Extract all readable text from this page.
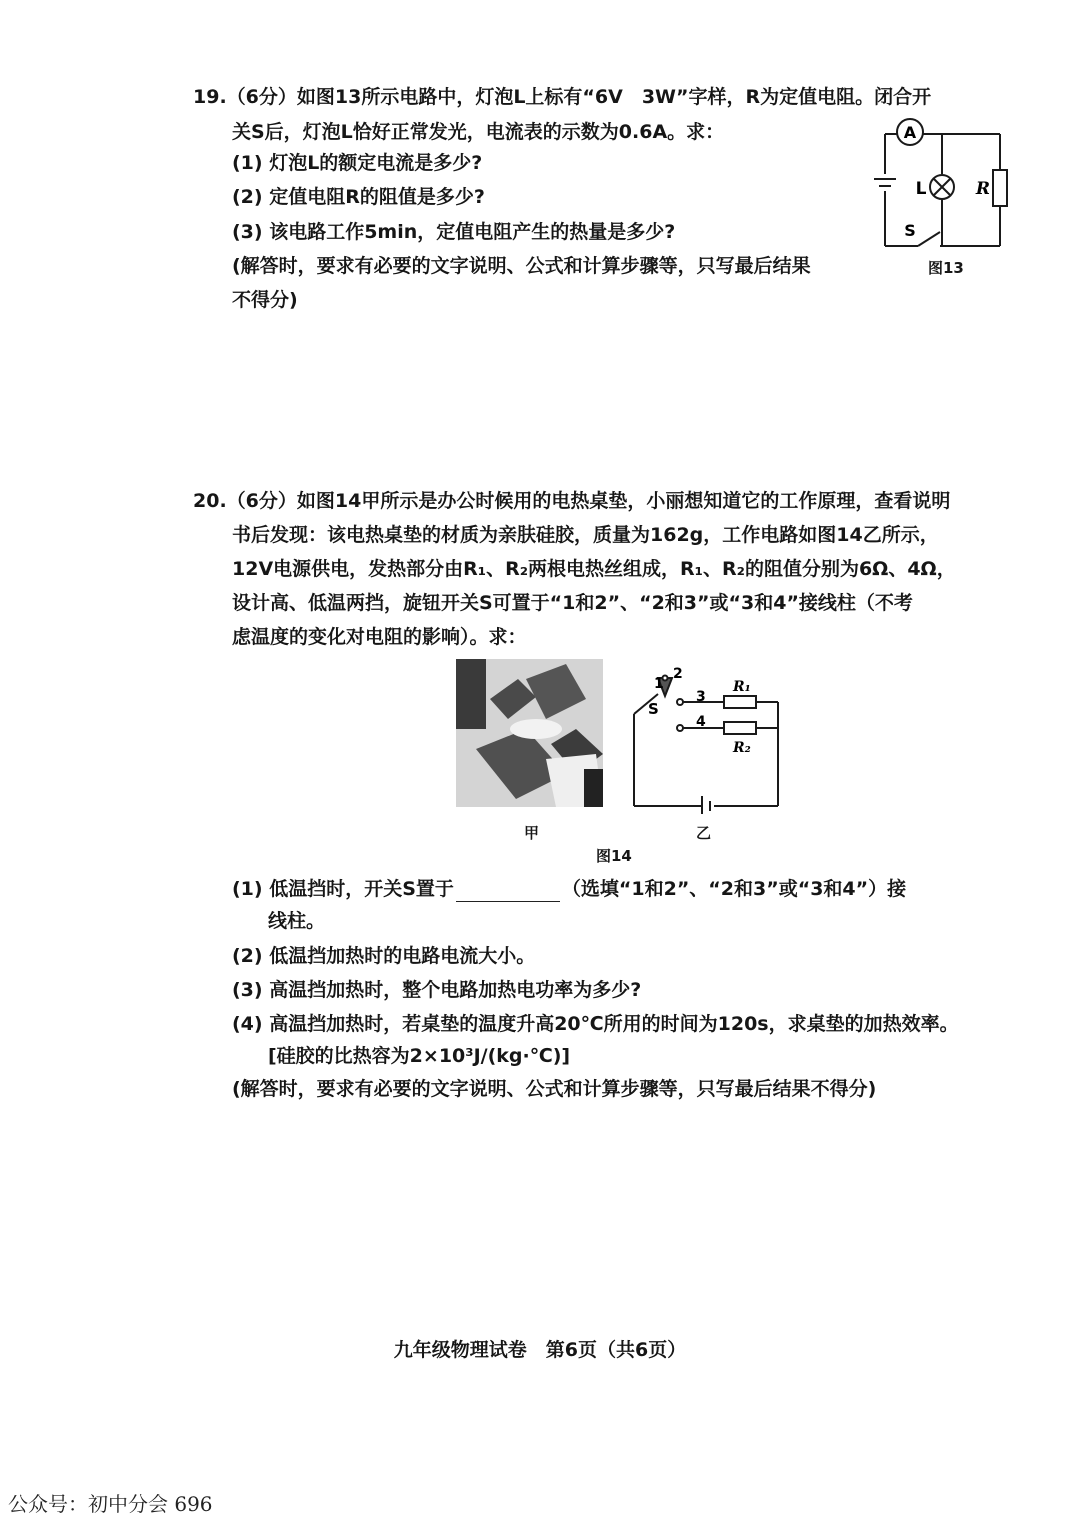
19.（6分）如图13所示电路中，灯泡L上标有“6V　3W”字样，R为定值电阻。闭合开
关S后，灯泡L恰好正常发光，电流表的示数为0.6A。求：
(1) 灯泡L的额定电流是多少?
(2) 定值电阻R的阻值是多少?
(3) 该电路工作5min，定值电阻产生的热量是多少?
(解答时，要求有必要的文字说明、公式和计算步骤等，只写最后结果
不得分)
A
L	R
S
图13
20.（6分）如图14甲所示是办公时候用的电热桌垫，小丽想知道它的工作原理，查看说明
书后发现：该电热桌垫的材质为亲肤硅胶，质量为162g，工作电路如图14乙所示，
12V电源供电，发热部分由R₁、R₂两根电热丝组成，R₁、R₂的阻值分别为6Ω、4Ω，
设计高、低温两挡，旋钮开关S可置于“1和2”、“2和3”或“3和4”接线柱（不考
虑温度的变化对电阻的影响）。求：
1
2
3
4
S
R₁
R₂
甲	乙
图14
(1) 低温挡时，开关S置于	（选填“1和2”、“2和3”或“3和4”）接
线柱。
(2) 低温挡加热时的电路电流大小。
(3) 高温挡加热时，整个电路加热电功率为多少?
(4) 高温挡加热时，若桌垫的温度升高20℃所用的时间为120s，求桌垫的加热效率。
[硅胶的比热容为2×10³J/(kg·℃)]
(解答时，要求有必要的文字说明、公式和计算步骤等，只写最后结果不得分)
九年级物理试卷　第6页（共6页）
公众号：初中分会 696
